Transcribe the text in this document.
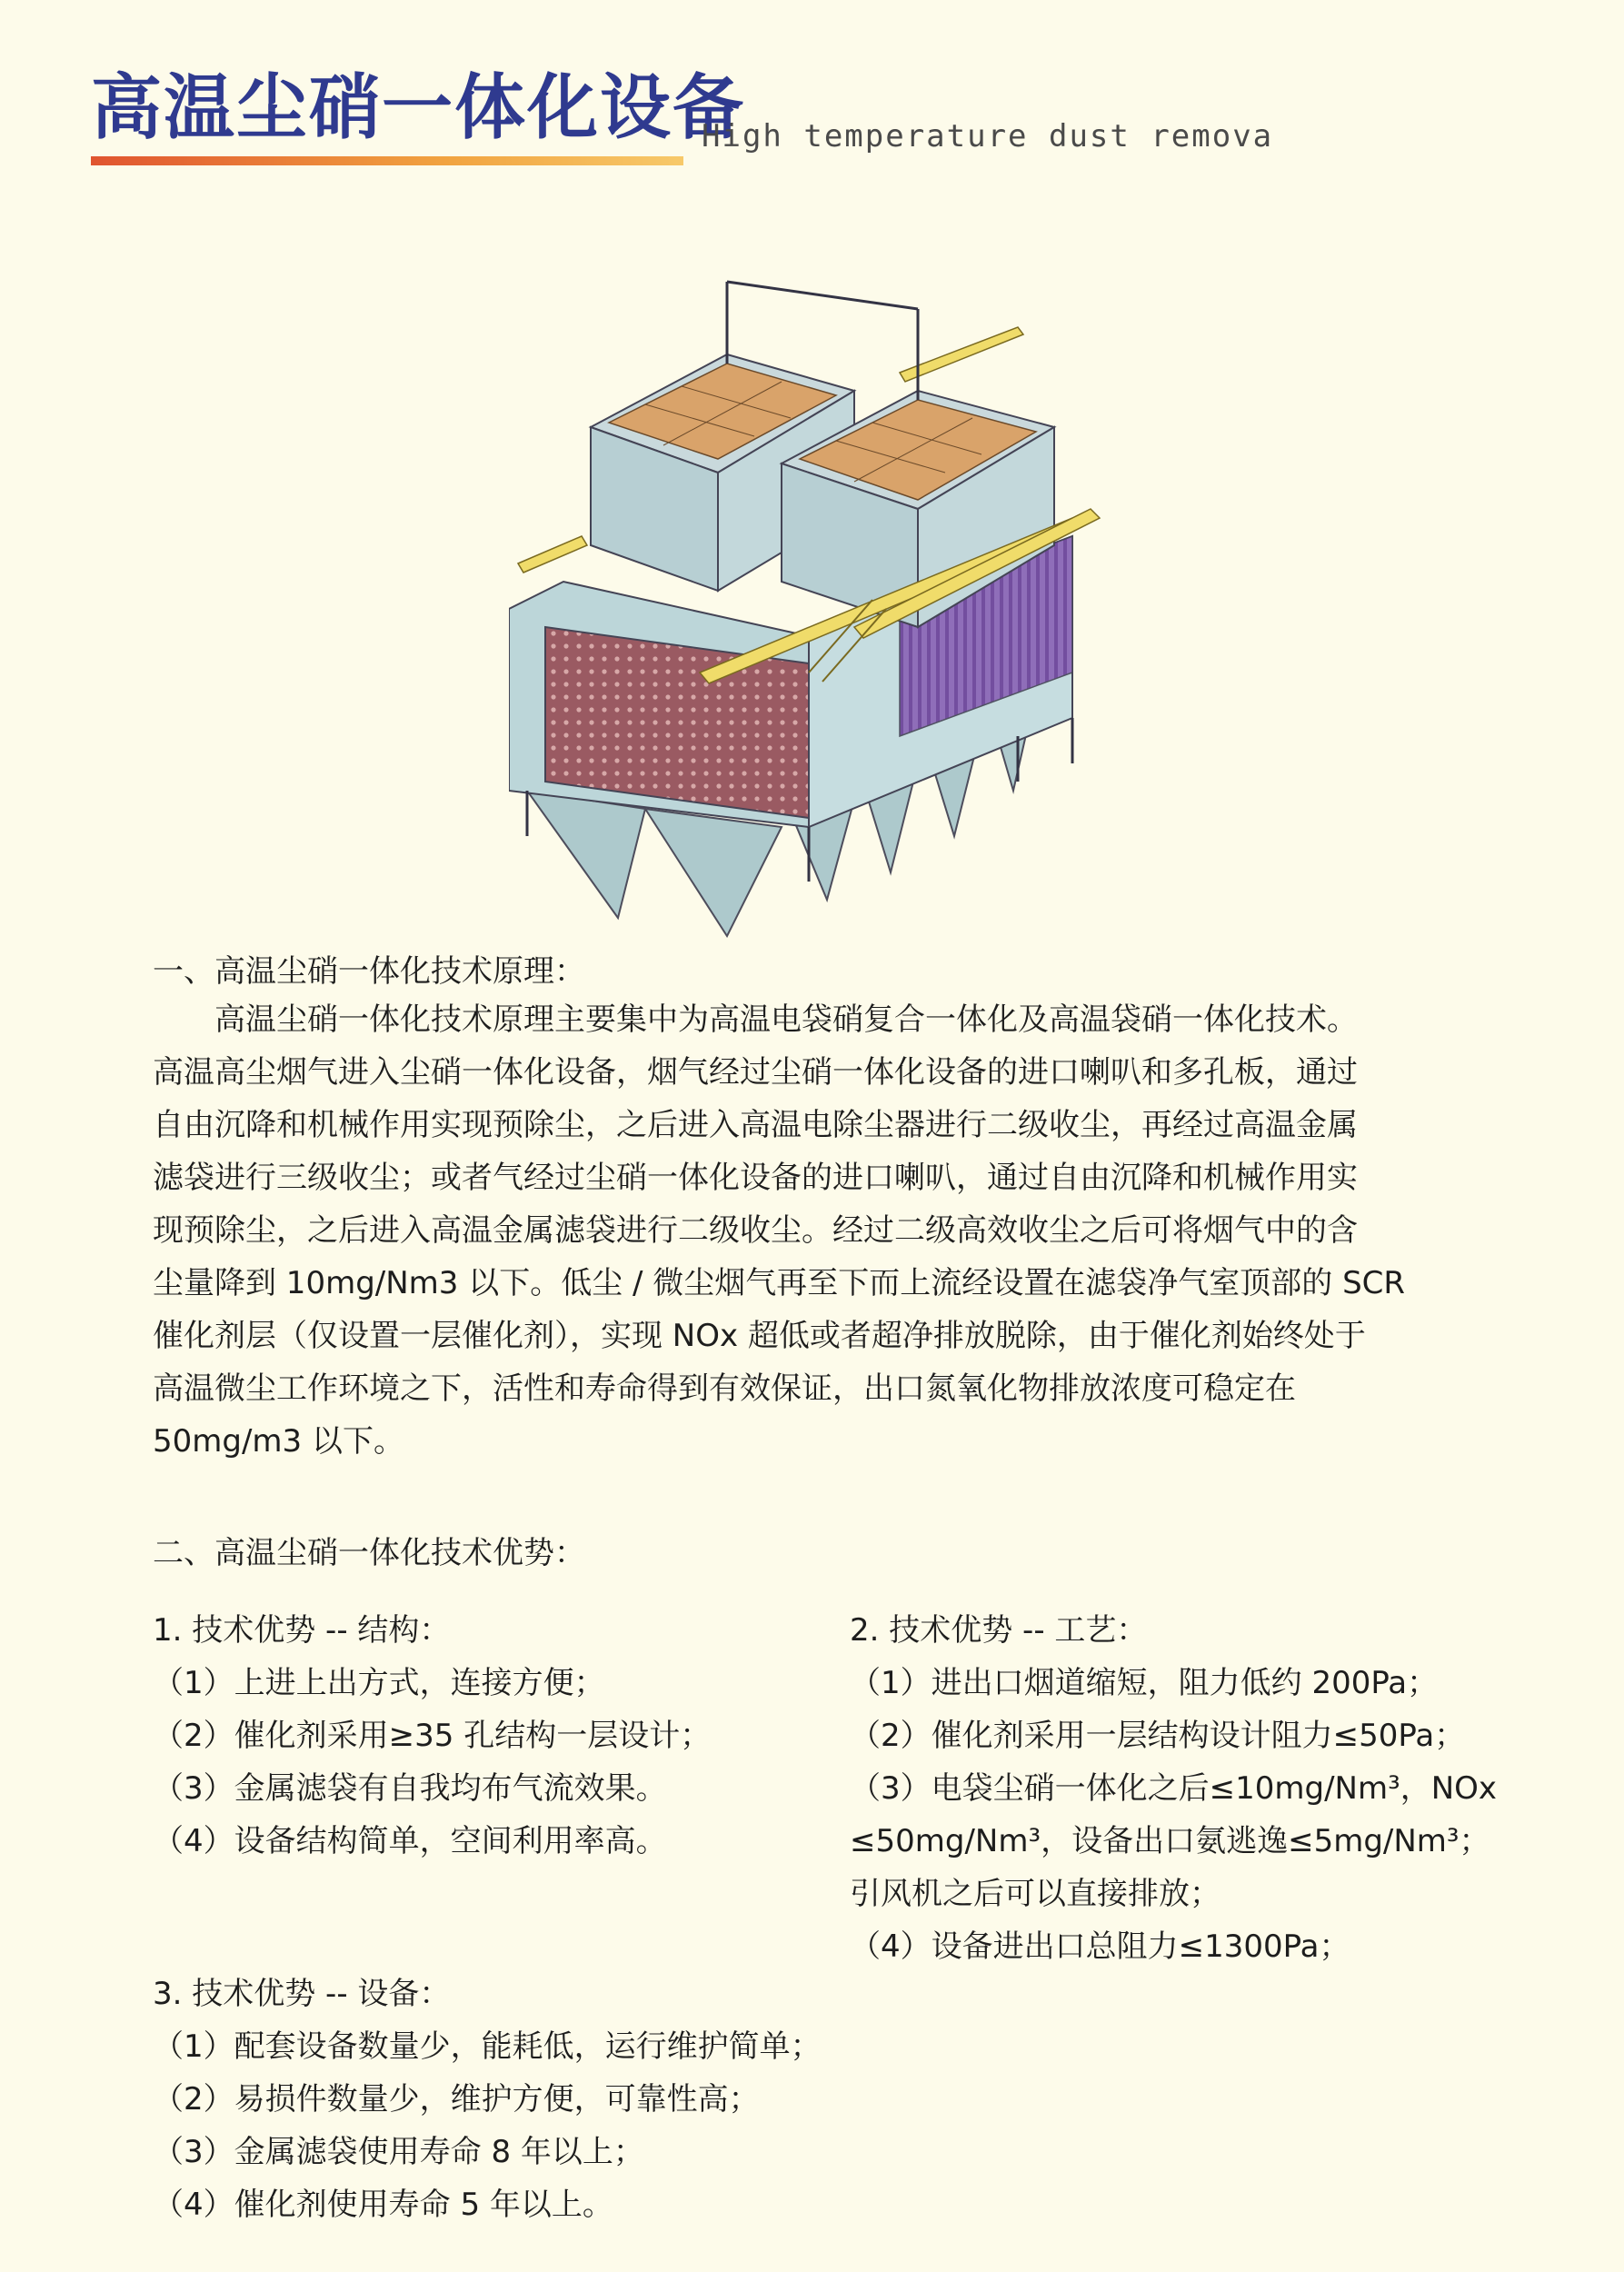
高温尘硝一体化设备
High temperature dust remova
一、高温尘硝一体化技术原理：
　　高温尘硝一体化技术原理主要集中为高温电袋硝复合一体化及高温袋硝一体化技术。
高温高尘烟气进入尘硝一体化设备，烟气经过尘硝一体化设备的进口喇叭和多孔板，通过
自由沉降和机械作用实现预除尘，之后进入高温电除尘器进行二级收尘，再经过高温金属
滤袋进行三级收尘；或者气经过尘硝一体化设备的进口喇叭，通过自由沉降和机械作用实
现预除尘，之后进入高温金属滤袋进行二级收尘。经过二级高效收尘之后可将烟气中的含
尘量降到 10mg/Nm3 以下。低尘 / 微尘烟气再至下而上流经设置在滤袋净气室顶部的 SCR
催化剂层（仅设置一层催化剂），实现 NOx 超低或者超净排放脱除，由于催化剂始终处于
高温微尘工作环境之下，活性和寿命得到有效保证，出口氮氧化物排放浓度可稳定在
50mg/m3 以下。
二、高温尘硝一体化技术优势：
1. 技术优势 -- 结构：
（1）上进上出方式，连接方便；
（2）催化剂采用≥35 孔结构一层设计；
（3）金属滤袋有自我均布气流效果。
（4）设备结构简单，空间利用率高。
2. 技术优势 -- 工艺：
（1）进出口烟道缩短，阻力低约 200Pa；
（2）催化剂采用一层结构设计阻力≤50Pa；
（3）电袋尘硝一体化之后≤10mg/Nm³，NOx
≤50mg/Nm³，设备出口氨逃逸≤5mg/Nm³；
引风机之后可以直接排放；
（4）设备进出口总阻力≤1300Pa；
3. 技术优势 -- 设备：
（1）配套设备数量少，能耗低，运行维护简单；
（2）易损件数量少，维护方便，可靠性高；
（3）金属滤袋使用寿命 8 年以上；
（4）催化剂使用寿命 5 年以上。
